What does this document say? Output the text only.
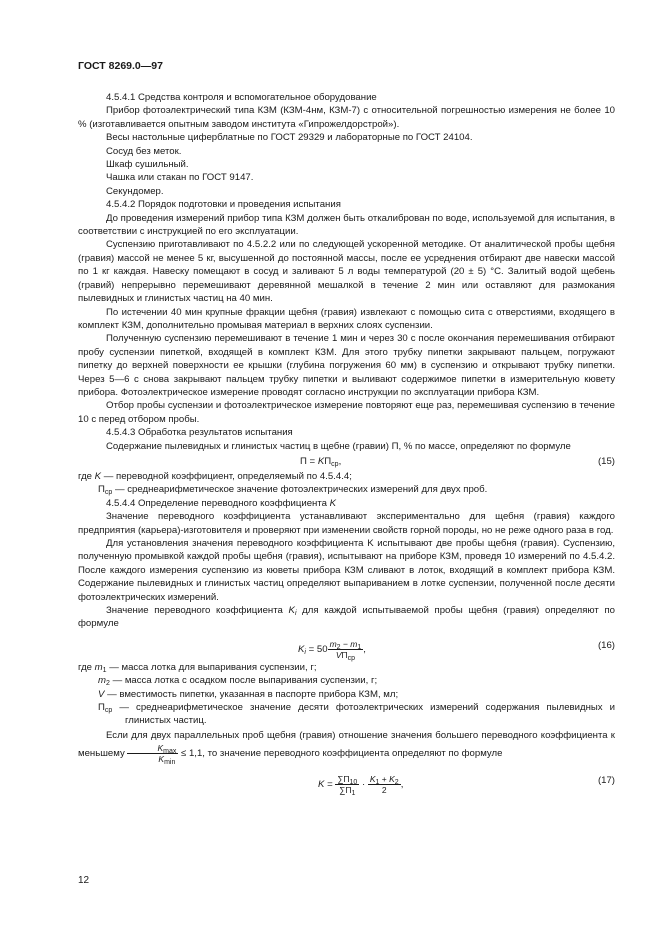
ГОСТ 8269.0—97

4.5.4.1 Средства контроля и вспомогательное оборудование

Прибор фотоэлектрический типа КЗМ (КЗМ-4нм, КЗМ-7) с относительной погрешностью измерения не более 10 % (изготавливается опытным заводом института «Гипрожелдорстрой»).

Весы настольные циферблатные по ГОСТ 29329 и лабораторные по ГОСТ 24104.

Сосуд без меток.

Шкаф сушильный.

Чашка или стакан по ГОСТ 9147.

Секундомер.

4.5.4.2 Порядок подготовки и проведения испытания

До проведения измерений прибор типа КЗМ должен быть откалиброван по воде, используемой для испытания, в соответствии с инструкцией по его эксплуатации.

Суспензию приготавливают по 4.5.2.2 или по следующей ускоренной методике. От аналитической пробы щебня (гравия) массой не менее 5 кг, высушенной до постоянной массы, после ее усреднения отбирают две навески массой по 1 кг каждая. Навеску помещают в сосуд и заливают 5 л воды температурой (20 ± 5) °С. Залитый водой щебень (гравий) непрерывно перемешивают деревянной мешалкой в течение 2 мин или оставляют для размокания пылевидных и глинистых частиц на 40 мин.

По истечении 40 мин крупные фракции щебня (гравия) извлекают с помощью сита с отверстиями, входящего в комплект КЗМ, дополнительно промывая материал в верхних слоях суспензии.

Полученную суспензию перемешивают в течение 1 мин и через 30 с после окончания перемешивания отбирают пробу суспензии пипеткой, входящей в комплект КЗМ. Для этого трубку пипетки закрывают пальцем, погружают пипетку до верхней поверхности ее крышки (глубина погружения 60 мм) в суспензию и открывают трубку пипетки. Через 5—6 с снова закрывают пальцем трубку пипетки и выливают содержимое пипетки в измерительную кювету прибора. Фотоэлектрическое измерение проводят согласно инструкции по эксплуатации прибора КЗМ.

Отбор пробы суспензии и фотоэлектрическое измерение повторяют еще раз, перемешивая суспензию в течение 10 с перед отбором пробы.

4.5.4.3 Обработка результатов испытания

Содержание пылевидных и глинистых частиц в щебне (гравии) П, % по массе, определяют по формуле

$П = KП_{ср}$,	(15)

где K — переводной коэффициент, определяемый по 4.5.4.4;

$П_{ср}$ — среднеарифметическое значение фотоэлектрических измерений для двух проб.

4.5.4.4 Определение переводного коэффициента K

Значение переводного коэффициента устанавливают экспериментально для щебня (гравия) каждого предприятия (карьера)-изготовителя и проверяют при изменении свойств горной породы, но не реже одного раза в год.

Для установления значения переводного коэффициента K испытывают две пробы щебня (гравия). Суспензию, полученную промывкой каждой пробы щебня (гравия), испытывают на приборе КЗМ, проведя 10 измерений по 4.5.4.2. После каждого измерения суспензию из кюветы прибора КЗМ сливают в лоток, входящий в комплект прибора КЗМ. Содержание пылевидных и глинистых частиц определяют выпариванием в лотке суспензии, полученной после десяти фотоэлектрических измерений.

Значение переводного коэффициента $K_i$ для каждой испытываемой пробы щебня (гравия) определяют по формуле

$K_i = 50 \frac{m_2 - m_1}{VП_{ср}}$ ,	(16)

где $m_1$ — масса лотка для выпаривания суспензии, г;

$m_2$ — масса лотка с осадком после выпаривания суспензии, г;

V — вместимость пипетки, указанная в паспорте прибора КЗМ, мл;

$П_{ср}$ — среднеарифметическое значение десяти фотоэлектрических измерений содержания пылевидных и глинистых частиц.

Если для двух параллельных проб щебня (гравия) отношение значения большего переводного коэффициента к меньшему $\frac{K_{max}}{K_{min}} \le 1,1$, то значение переводного коэффициента определяют по формуле

$K = \frac{\sum П_{10}}{\sum П_1} \cdot \frac{K_1 + K_2}{2}$ ,	(17)
12
